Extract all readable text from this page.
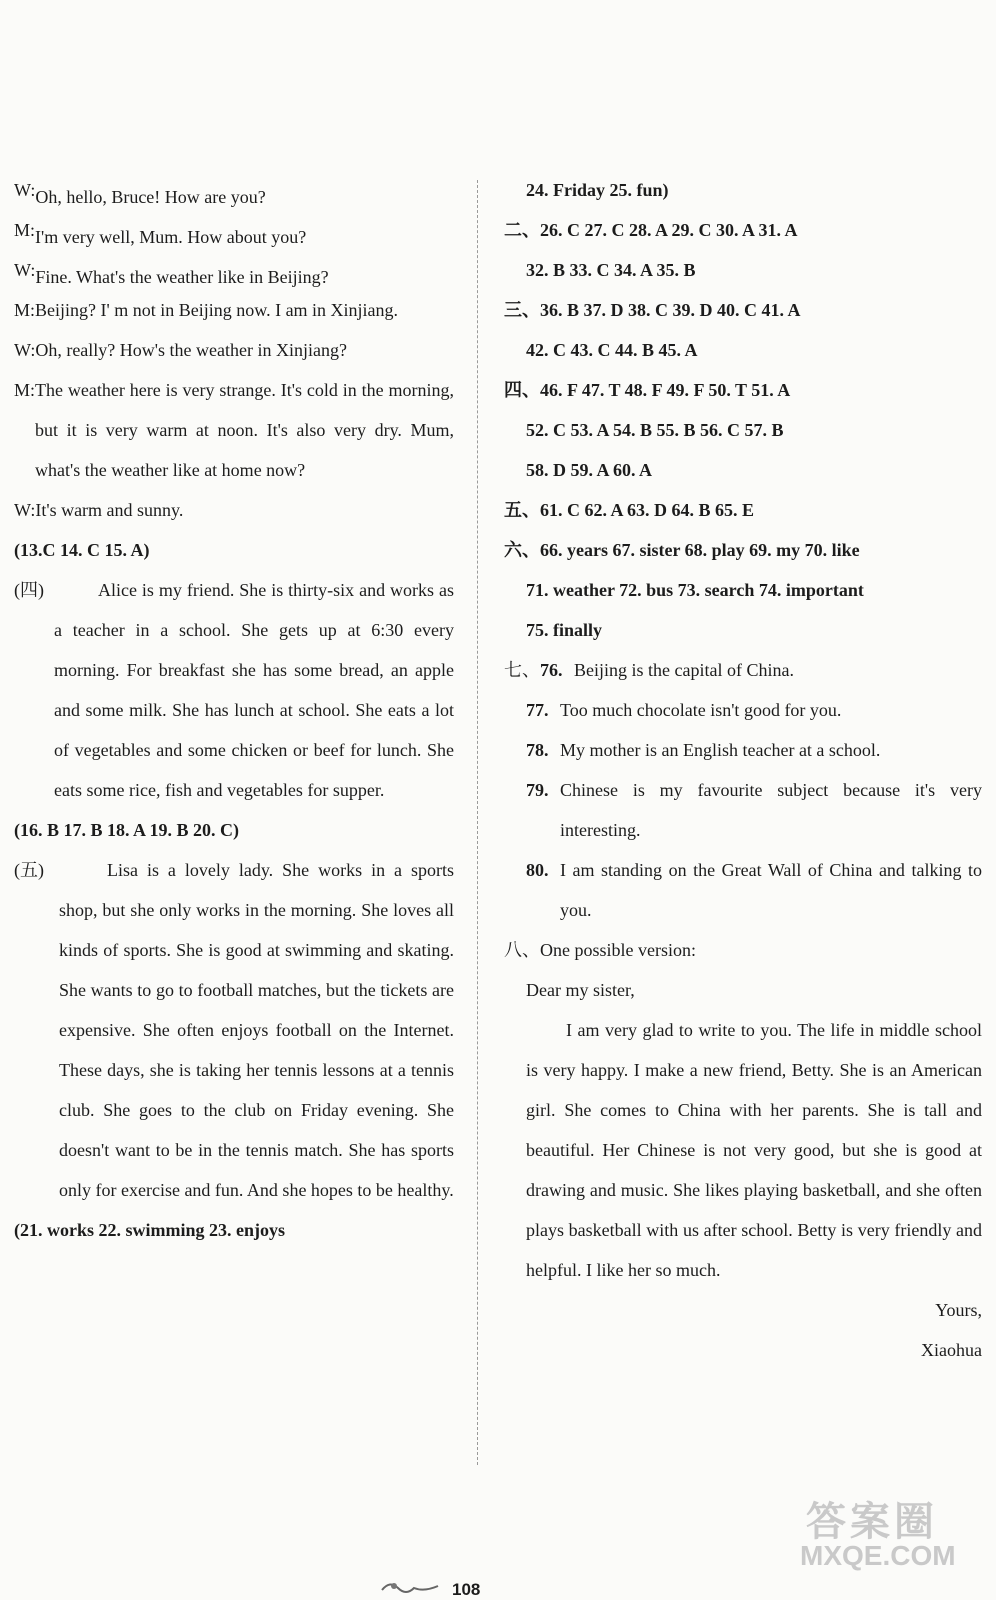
W: Oh, hello, Bruce! How are you?
M: I'm very well, Mum. How about you?
W: Fine. What's the weather like in Beijing?
M: Beijing? I' m not in Beijing now. I am in Xinjiang.
W: Oh, really? How's the weather in Xinjiang?
M: The weather here is very strange. It's cold in the morning, but it is very warm at noon. It's also very dry. Mum, what's the weather like at home now?
W: It's warm and sunny.
(13.C 14. C 15. A)
(四)	Alice is my friend. She is thirty-six and works as a teacher in a school. She gets up at 6:30 every morning. For breakfast she has some bread, an apple and some milk. She has lunch at school. She eats a lot of vegetables and some chicken or beef for lunch. She eats some rice, fish and vegetables for supper.
(16. B 17. B 18. A 19. B 20. C)
(五)	Lisa is a lovely lady. She works in a sports shop, but she only works in the morning. She loves all kinds of sports. She is good at swimming and skating. She wants to go to football matches, but the tickets are expensive. She often enjoys football on the Internet. These days, she is taking her tennis lessons at a tennis club. She goes to the club on Friday evening. She doesn't want to be in the tennis match. She has sports only for exercise and fun. And she hopes to be healthy.
(21. works 22. swimming 23. enjoys
24. Friday 25. fun)
二、 26. C 27. C 28. A 29. C 30. A 31. A
32. B 33. C 34. A 35. B
三、 36. B 37. D 38. C 39. D 40. C 41. A
42. C 43. C 44. B 45. A
四、 46. F 47. T 48. F 49. F 50. T 51. A
52. C 53. A 54. B 55. B 56. C 57. B
58. D 59. A 60. A
五、 61. C 62. A 63. D 64. B 65. E
六、 66. years 67. sister 68. play 69. my 70. like
71. weather 72. bus 73. search 74. important
75. finally
七、 76. Beijing is the capital of China.
77. Too much chocolate isn't good for you.
78. My mother is an English teacher at a school.
79. Chinese is my favourite subject because it's very interesting.
80. I am standing on the Great Wall of China and talking to you.
八、 One possible version:
Dear my sister,
I am very glad to write to you. The life in middle school is very happy. I make a new friend, Betty. She is an American girl. She comes to China with her parents. She is tall and beautiful. Her Chinese is not very good, but she is good at drawing and music. She likes playing basketball, and she often plays basketball with us after school. Betty is very friendly and helpful. I like her so much.
Yours,
Xiaohua
108
答案圈
MXQE.COM
